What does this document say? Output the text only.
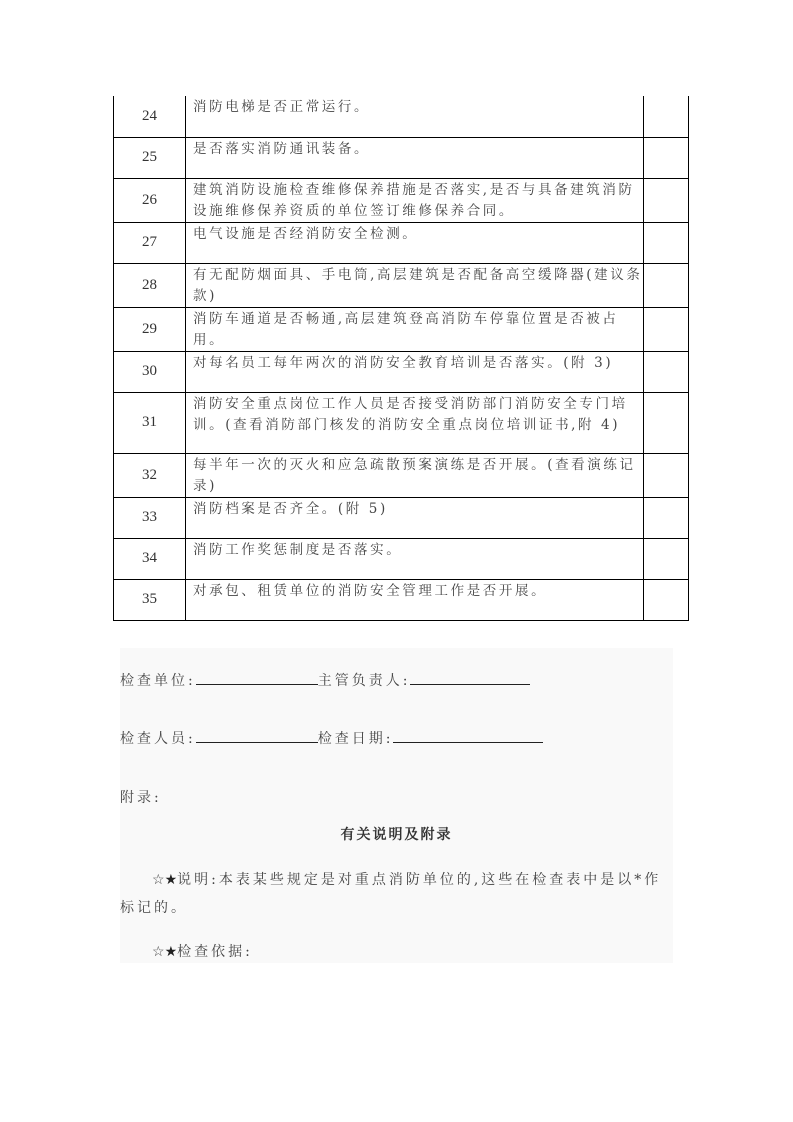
24	消防电梯是否正常运行。	
25	是否落实消防通讯装备。	
26	建筑消防设施检查维修保养措施是否落实,是否与具备建筑消防设施维修保养资质的单位签订维修保养合同。	
27	电气设施是否经消防安全检测。	
28	有无配防烟面具、手电筒,高层建筑是否配备高空缓降器(建议条款)	
29	消防车通道是否畅通,高层建筑登高消防车停靠位置是否被占用。	
30	对每名员工每年两次的消防安全教育培训是否落实。(附 3)	
31	消防安全重点岗位工作人员是否接受消防部门消防安全专门培训。(查看消防部门核发的消防安全重点岗位培训证书,附 4)	
32	每半年一次的灭火和应急疏散预案演练是否开展。(查看演练记录)	
33	消防档案是否齐全。(附 5)	
34	消防工作奖惩制度是否落实。	
35	对承包、租赁单位的消防安全管理工作是否开展。	
检查单位:	主管负责人:
检查人员:	检查日期:
附录:
有关说明及附录
☆★说明:本表某些规定是对重点消防单位的,这些在检查表中是以*作标记的。
☆★检查依据:
